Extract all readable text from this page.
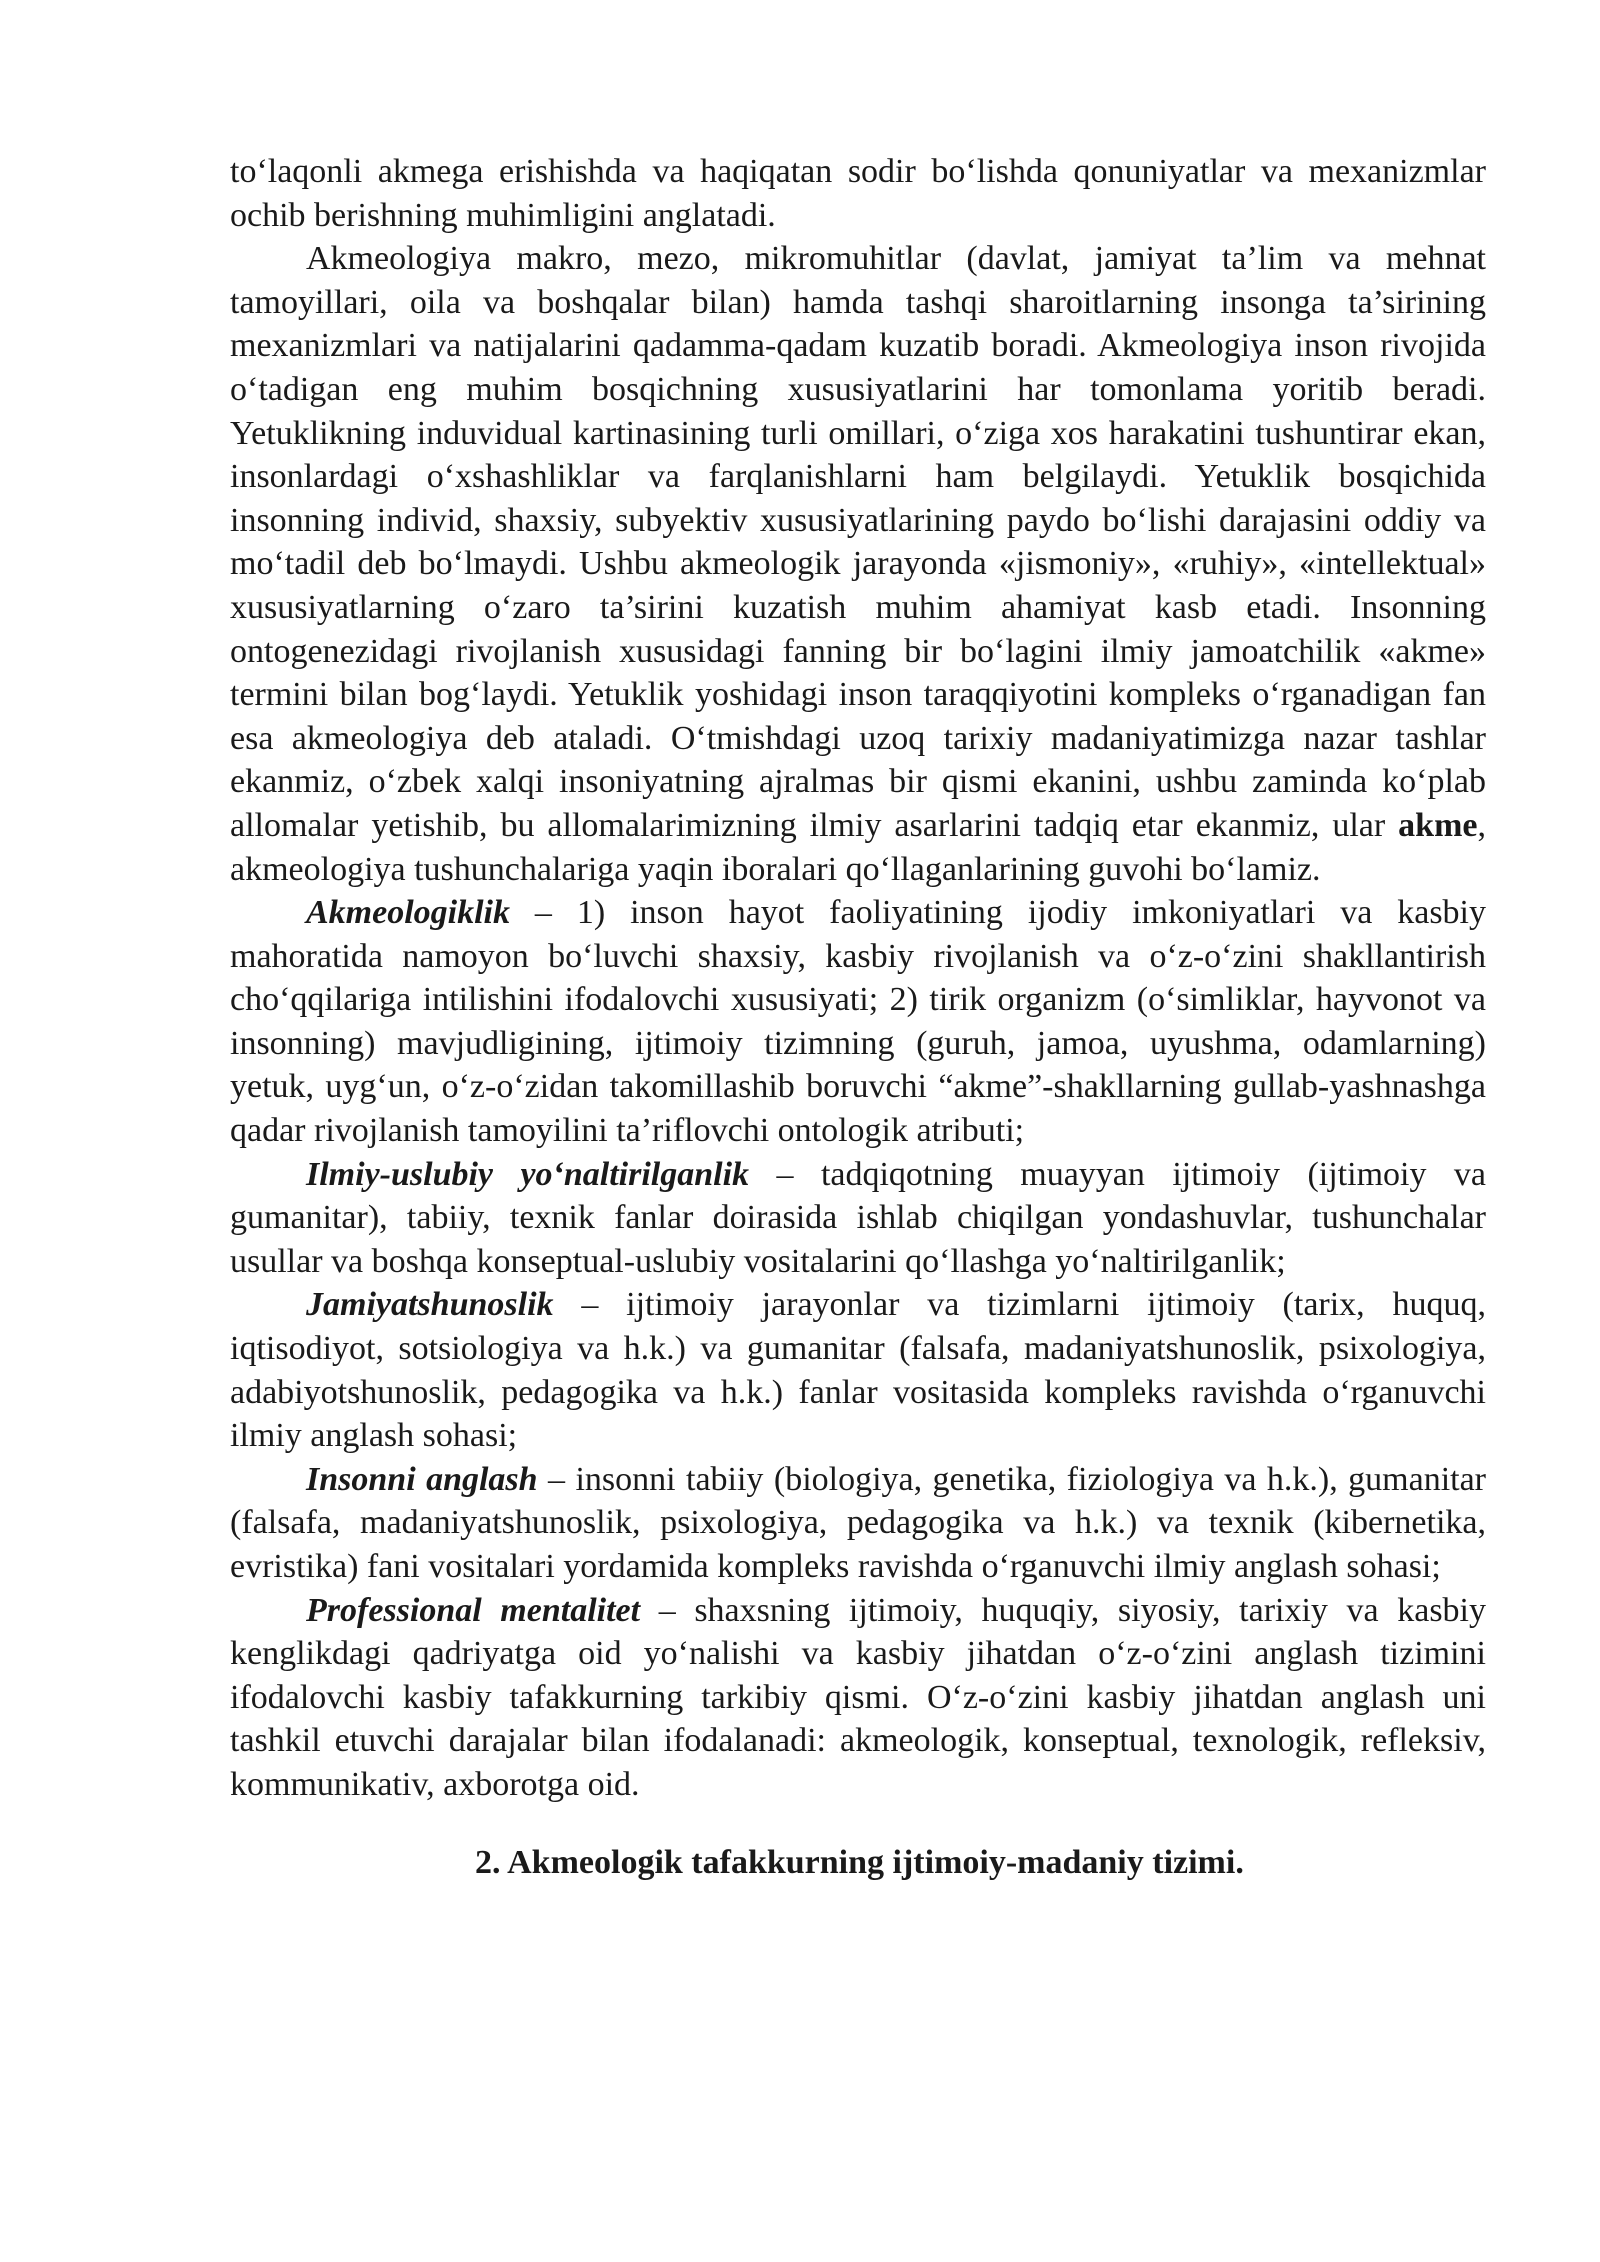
to‘laqonli akmega erishishda va haqiqatan sodir bo‘lishda qonuniyatlar va mexanizmlar ochib berishning muhimligini anglatadi.

Akmeologiya makro, mezo, mikromuhitlar (davlat, jamiyat ta’lim va mehnat tamoyillari, oila va boshqalar bilan) hamda tashqi sharoitlarning insonga ta’sirining mexanizmlari va natijalarini qadamma-qadam kuzatib boradi. Akmeologiya inson rivojida o‘tadigan eng muhim bosqichning xususiyatlarini har tomonlama yoritib beradi. Yetuklikning induvidual kartinasining turli omillari, o‘ziga xos harakatini tushuntirar ekan, insonlardagi o‘xshashliklar va farqlanishlarni ham belgilaydi. Yetuklik bosqichida insonning individ, shaxsiy, subyektiv xususiyatlarining paydo bo‘lishi darajasini oddiy va mo‘tadil deb bo‘lmaydi. Ushbu akmeologik jarayonda «jismoniy», «ruhiy», «intellektual» xususiyatlarning o‘zaro ta’sirini kuzatish muhim ahamiyat kasb etadi. Insonning ontogenezidagi rivojlanish xususidagi fanning bir bo‘lagini ilmiy jamoatchilik «akme» termini bilan bog‘laydi. Yetuklik yoshidagi inson taraqqiyotini kompleks o‘rganadigan fan esa akmeologiya deb ataladi. O‘tmishdagi uzoq tarixiy madaniyatimizga nazar tashlar ekanmiz, o‘zbek xalqi insoniyatning ajralmas bir qismi ekanini, ushbu zaminda ko‘plab allomalar yetishib, bu allomalarimizning ilmiy asarlarini tadqiq etar ekanmiz, ular akme, akmeologiya tushunchalariga yaqin iboralari qo‘llaganlarining guvohi bo‘lamiz.

Akmeologiklik – 1) inson hayot faoliyatining ijodiy imkoniyatlari va kasbiy mahoratida namoyon bo‘luvchi shaxsiy, kasbiy rivojlanish va o‘z-o‘zini shakllantirish cho‘qqilariga intilishini ifodalovchi xususiyati; 2) tirik organizm (o‘simliklar, hayvonot va insonning) mavjudligining, ijtimoiy tizimning (guruh, jamoa, uyushma, odamlarning) yetuk, uyg‘un, o‘z-o‘zidan takomillashib boruvchi “akme”-shakllarning gullab-yashnashga qadar rivojlanish tamoyilini ta’riflovchi ontologik atributi;

Ilmiy-uslubiy yo‘naltirilganlik – tadqiqotning muayyan ijtimoiy (ijtimoiy va gumanitar), tabiiy, texnik fanlar doirasida ishlab chiqilgan yondashuvlar, tushunchalar usullar va boshqa konseptual-uslubiy vositalarini qo‘llashga yo‘naltirilganlik;

Jamiyatshunoslik – ijtimoiy jarayonlar va tizimlarni ijtimoiy (tarix, huquq, iqtisodiyot, sotsiologiya va h.k.) va gumanitar (falsafa, madaniyatshunoslik, psixologiya, adabiyotshunoslik, pedagogika va h.k.) fanlar vositasida kompleks ravishda o‘rganuvchi ilmiy anglash sohasi;

Insonni anglash – insonni tabiiy (biologiya, genetika, fiziologiya va h.k.), gumanitar (falsafa, madaniyatshunoslik, psixologiya, pedagogika va h.k.) va texnik (kibernetika, evristika) fani vositalari yordamida kompleks ravishda o‘rganuvchi ilmiy anglash sohasi;

Professional mentalitet – shaxsning ijtimoiy, huquqiy, siyosiy, tarixiy va kasbiy kenglikdagi qadriyatga oid yo‘nalishi va kasbiy jihatdan o‘z-o‘zini anglash tizimini ifodalovchi kasbiy tafakkurning tarkibiy qismi. O‘z-o‘zini kasbiy jihatdan anglash uni tashkil etuvchi darajalar bilan ifodalanadi: akmeologik, konseptual, texnologik, refleksiv, kommunikativ, axborotga oid.

2. Akmeologik tafakkurning ijtimoiy-madaniy tizimi.
